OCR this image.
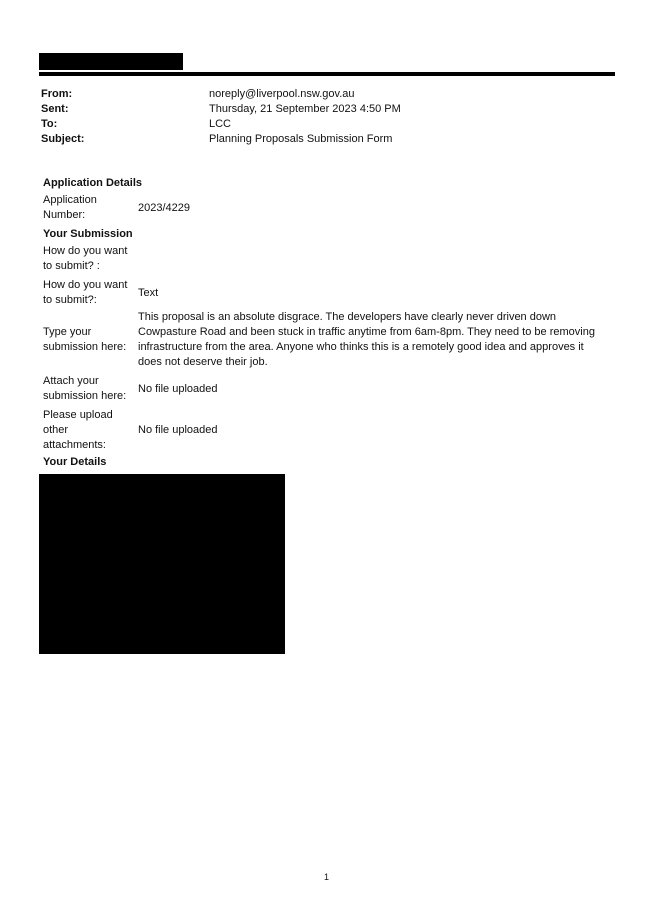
From:	noreply@liverpool.nsw.gov.au
Sent:	Thursday, 21 September 2023 4:50 PM
To:	LCC
Subject:	Planning Proposals Submission Form
Application Details
Application Number:
2023/4229
Your Submission
How do you want to submit? :
How do you want to submit?:
Text
Type your submission here:
This proposal is an absolute disgrace. The developers have clearly never driven down Cowpasture Road and been stuck in traffic anytime from 6am-8pm. They need to be removing infrastructure from the area. Anyone who thinks this is a remotely good idea and approves it does not deserve their job.
Attach your submission here:
No file uploaded
Please upload other attachments:
No file uploaded
Your Details
1
